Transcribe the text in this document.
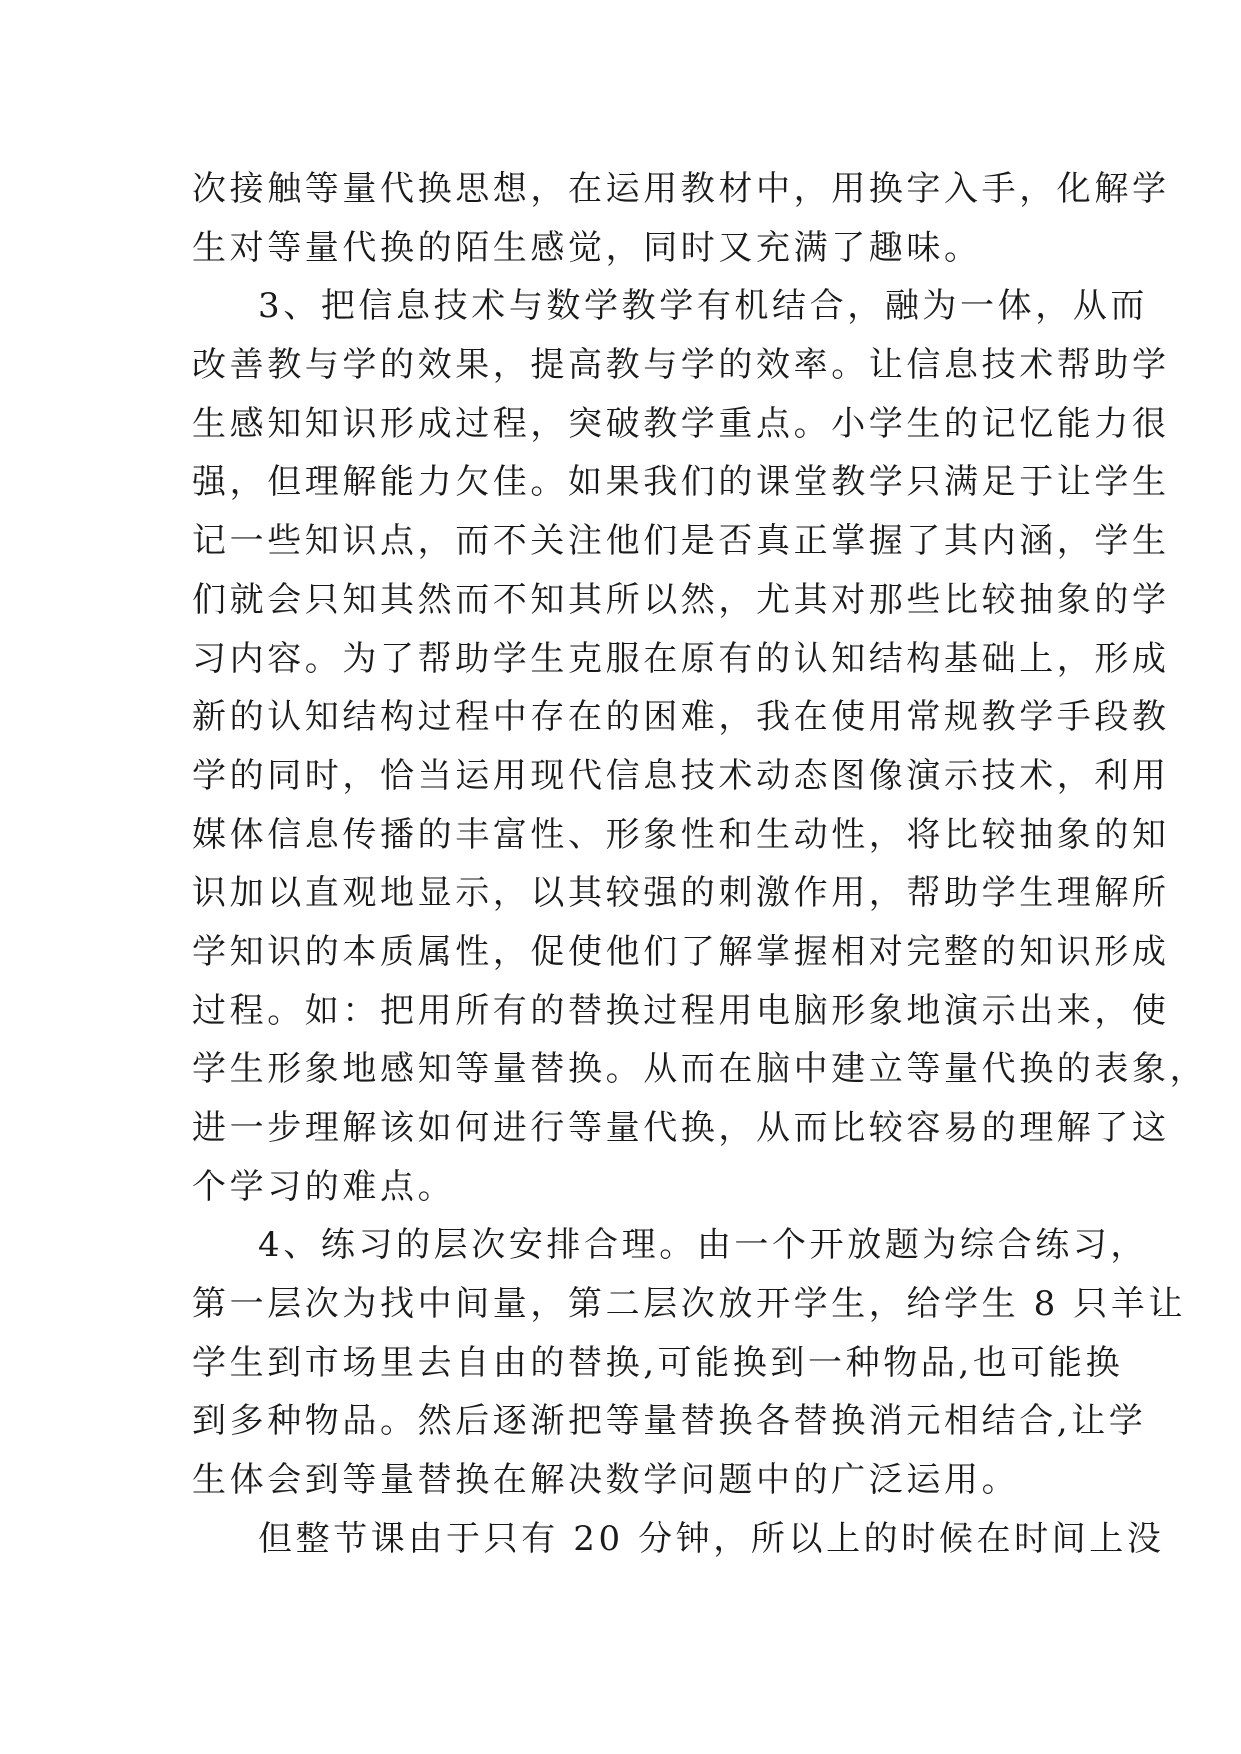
次接触等量代换思想，在运用教材中，用换字入手，化解学
生对等量代换的陌生感觉，同时又充满了趣味。
3、把信息技术与数学教学有机结合，融为一体，从而
改善教与学的效果，提高教与学的效率。让信息技术帮助学
生感知知识形成过程，突破教学重点。小学生的记忆能力很
强，但理解能力欠佳。如果我们的课堂教学只满足于让学生
记一些知识点，而不关注他们是否真正掌握了其内涵，学生
们就会只知其然而不知其所以然，尤其对那些比较抽象的学
习内容。为了帮助学生克服在原有的认知结构基础上，形成
新的认知结构过程中存在的困难，我在使用常规教学手段教
学的同时，恰当运用现代信息技术动态图像演示技术，利用
媒体信息传播的丰富性、形象性和生动性，将比较抽象的知
识加以直观地显示，以其较强的刺激作用，帮助学生理解所
学知识的本质属性，促使他们了解掌握相对完整的知识形成
过程。如：把用所有的替换过程用电脑形象地演示出来，使
学生形象地感知等量替换。从而在脑中建立等量代换的表象，
进一步理解该如何进行等量代换，从而比较容易的理解了这
个学习的难点。
4、练习的层次安排合理。由一个开放题为综合练习，
第一层次为找中间量，第二层次放开学生，给学生 8 只羊让
学生到市场里去自由的替换,可能换到一种物品,也可能换
到多种物品。然后逐渐把等量替换各替换消元相结合,让学
生体会到等量替换在解决数学问题中的广泛运用。
但整节课由于只有 20 分钟，所以上的时候在时间上没
